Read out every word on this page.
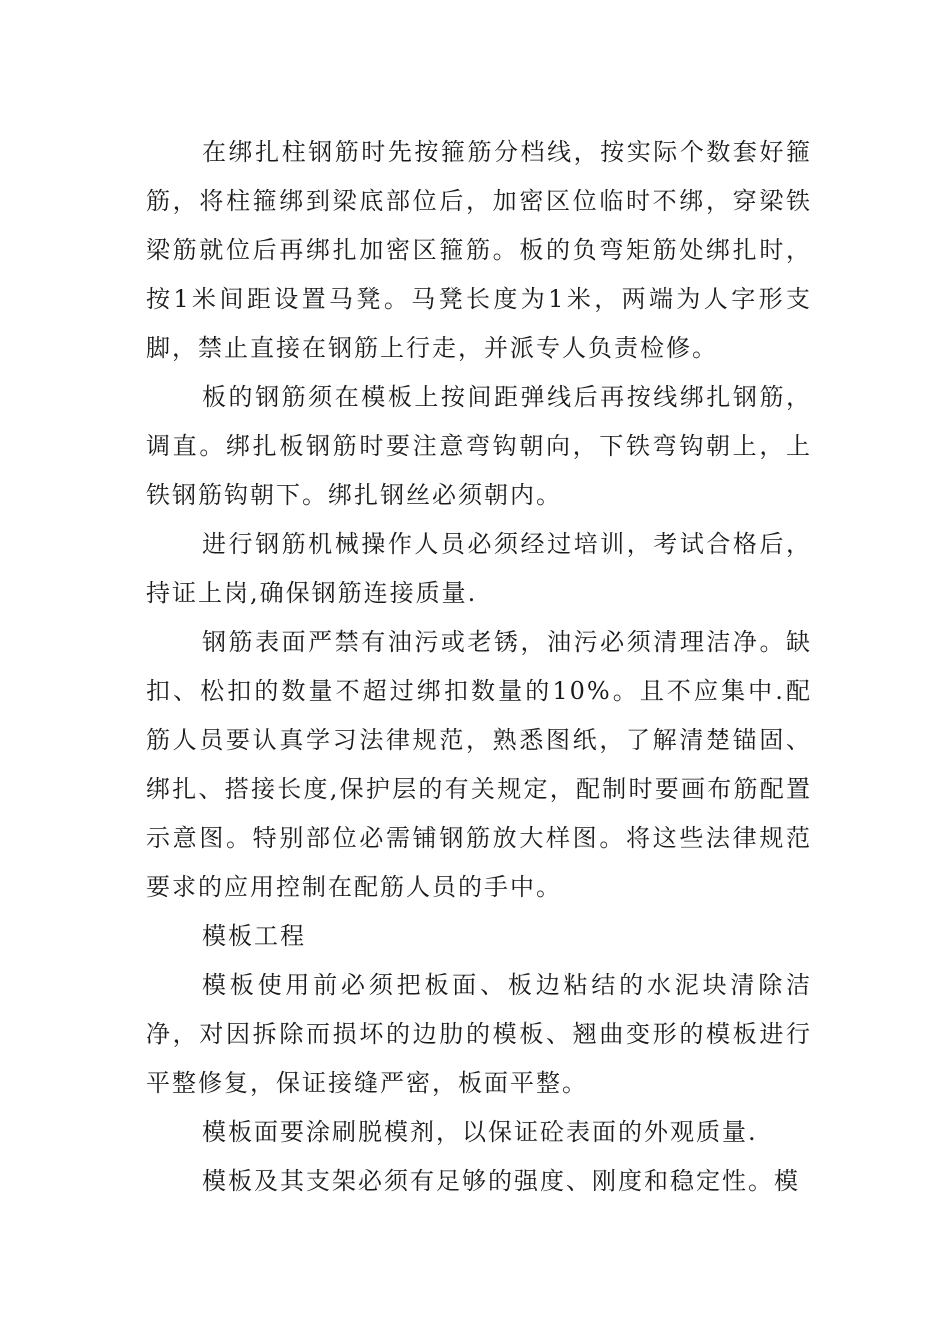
在绑扎柱钢筋时先按箍筋分档线，按实际个数套好箍筋，将柱箍绑到梁底部位后，加密区位临时不绑，穿梁铁梁筋就位后再绑扎加密区箍筋。板的负弯矩筋处绑扎时，按1米间距设置马凳。马凳长度为1米，两端为人字形支脚，禁止直接在钢筋上行走，并派专人负责检修。

板的钢筋须在模板上按间距弹线后再按线绑扎钢筋，调直。绑扎板钢筋时要注意弯钩朝向，下铁弯钩朝上，上铁钢筋钩朝下。绑扎钢丝必须朝内。

进行钢筋机械操作人员必须经过培训，考试合格后，持证上岗,确保钢筋连接质量.

钢筋表面严禁有油污或老锈，油污必须清理洁净。缺扣、松扣的数量不超过绑扣数量的10%。且不应集中.配筋人员要认真学习法律规范，熟悉图纸，了解清楚锚固、绑扎、搭接长度,保护层的有关规定，配制时要画布筋配置示意图。特别部位必需铺钢筋放大样图。将这些法律规范要求的应用控制在配筋人员的手中。

模板工程

模板使用前必须把板面、板边粘结的水泥块清除洁净，对因拆除而损坏的边肋的模板、翘曲变形的模板进行平整修复，保证接缝严密，板面平整。

模板面要涂刷脱模剂，以保证砼表面的外观质量.

模板及其支架必须有足够的强度、刚度和稳定性。模
